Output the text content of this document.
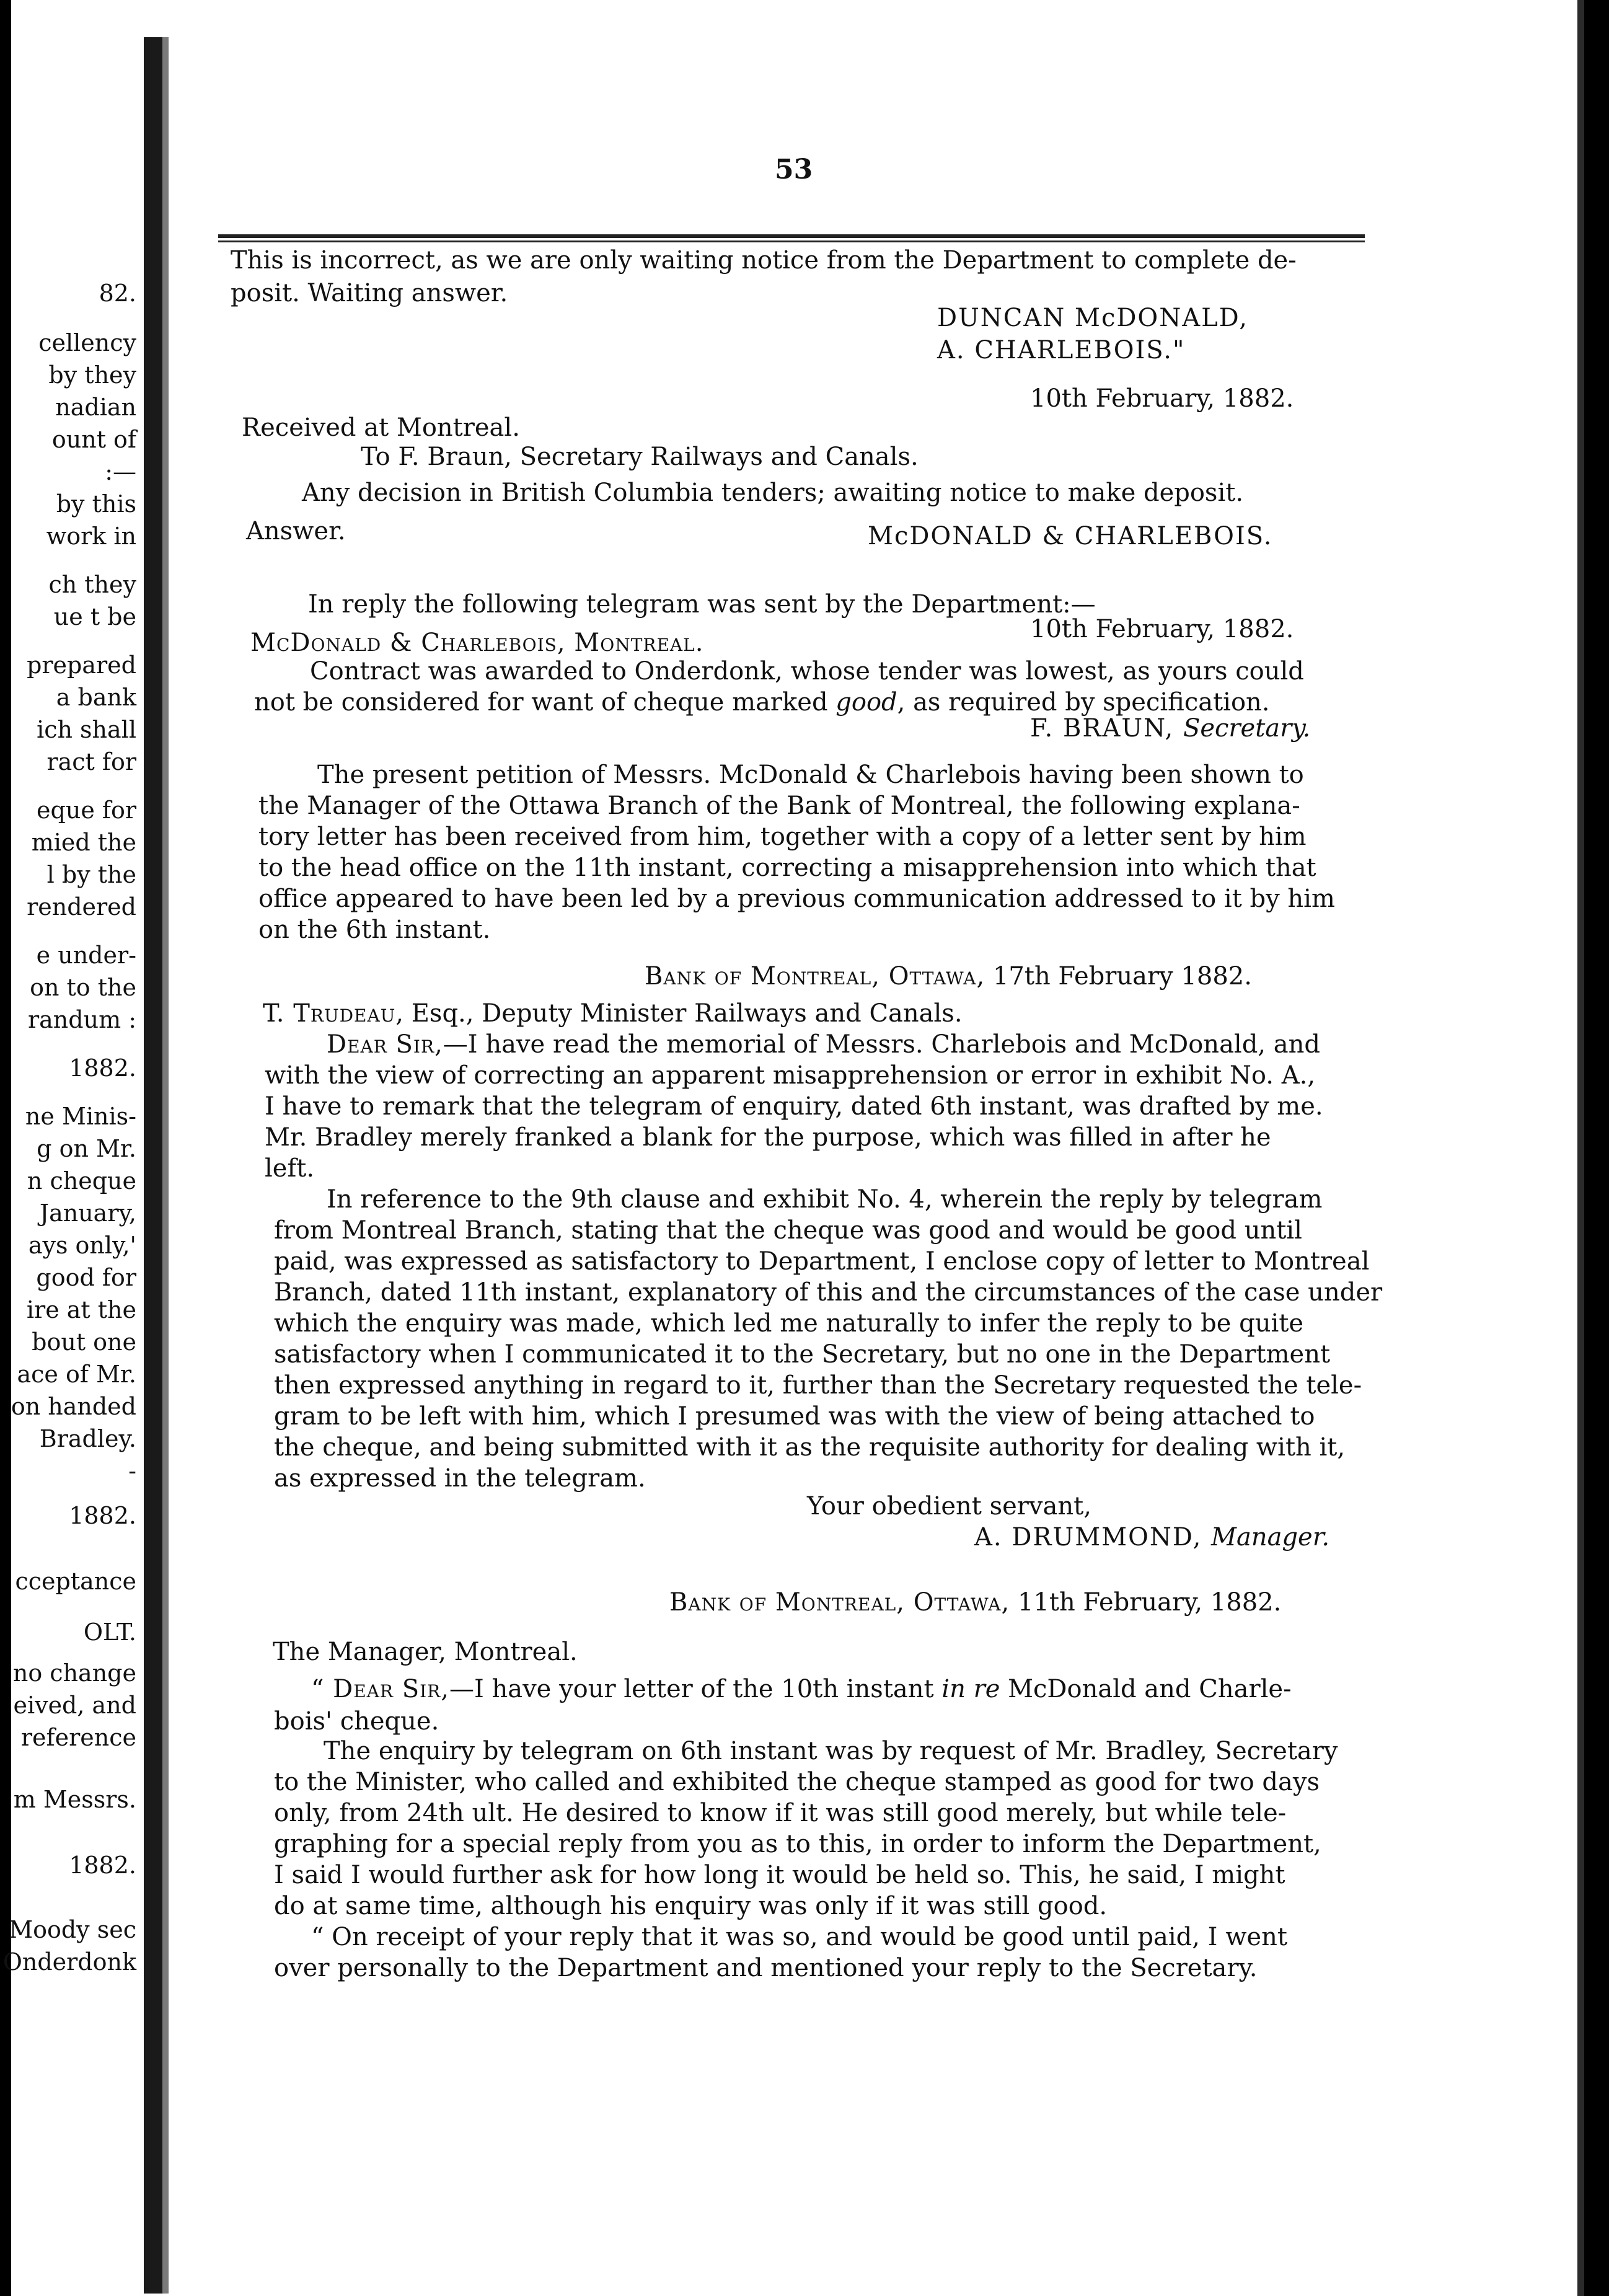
82.
cellency
by they
nadian
ount of
:—
by this
work in
ch they
ue t be
prepared
a bank
ich shall
ract for
eque for
mied the
l by the
rendered
e under-
on to the
randum :
1882.
ne Minis-
g on Mr.
n cheque
January,
ays only,'
good for
ire at the
bout one
ace of Mr.
on handed
Bradley.
-
1882.
cceptance
OLT.
no change
eived, and
reference
m Messrs.
1882.
Moody sec
Onderdonk
53
This is incorrect, as we are only waiting notice from the Department to complete de-
posit. Waiting answer.
DUNCAN McDONALD,
A. CHARLEBOIS."
10th February, 1882.
Received at Montreal.
To F. Braun, Secretary Railways and Canals.
Any decision in British Columbia tenders; awaiting notice to make deposit.
Answer.	McDONALD & CHARLEBOIS.
In reply the following telegram was sent by the Department:—
McDonald & Charlebois, Montreal.	10th February, 1882.
Contract was awarded to Onderdonk, whose tender was lowest, as yours could
not be considered for want of cheque marked good, as required by specification.
F. BRAUN, Secretary.
The present petition of Messrs. McDonald & Charlebois having been shown to
the Manager of the Ottawa Branch of the Bank of Montreal, the following explana-
tory letter has been received from him, together with a copy of a letter sent by him
to the head office on the 11th instant, correcting a misapprehension into which that
office appeared to have been led by a previous communication addressed to it by him
on the 6th instant.
Bank of Montreal, Ottawa, 17th February 1882.
T. Trudeau, Esq., Deputy Minister Railways and Canals.
Dear Sir,—I have read the memorial of Messrs. Charlebois and McDonald, and
with the view of correcting an apparent misapprehension or error in exhibit No. A.,
I have to remark that the telegram of enquiry, dated 6th instant, was drafted by me.
Mr. Bradley merely franked a blank for the purpose, which was filled in after he
left.
In reference to the 9th clause and exhibit No. 4, wherein the reply by telegram
from Montreal Branch, stating that the cheque was good and would be good until
paid, was expressed as satisfactory to Department, I enclose copy of letter to Montreal
Branch, dated 11th instant, explanatory of this and the circumstances of the case under
which the enquiry was made, which led me naturally to infer the reply to be quite
satisfactory when I communicated it to the Secretary, but no one in the Department
then expressed anything in regard to it, further than the Secretary requested the tele-
gram to be left with him, which I presumed was with the view of being attached to
the cheque, and being submitted with it as the requisite authority for dealing with it,
as expressed in the telegram.
Your obedient servant,
A. DRUMMOND, Manager.
Bank of Montreal, Ottawa, 11th February, 1882.
The Manager, Montreal.
“ Dear Sir,—I have your letter of the 10th instant in re McDonald and Charle-
bois' cheque.
The enquiry by telegram on 6th instant was by request of Mr. Bradley, Secretary
to the Minister, who called and exhibited the cheque stamped as good for two days
only, from 24th ult. He desired to know if it was still good merely, but while tele-
graphing for a special reply from you as to this, in order to inform the Department,
I said I would further ask for how long it would be held so. This, he said, I might
do at same time, although his enquiry was only if it was still good.
“ On receipt of your reply that it was so, and would be good until paid, I went
over personally to the Department and mentioned your reply to the Secretary.
